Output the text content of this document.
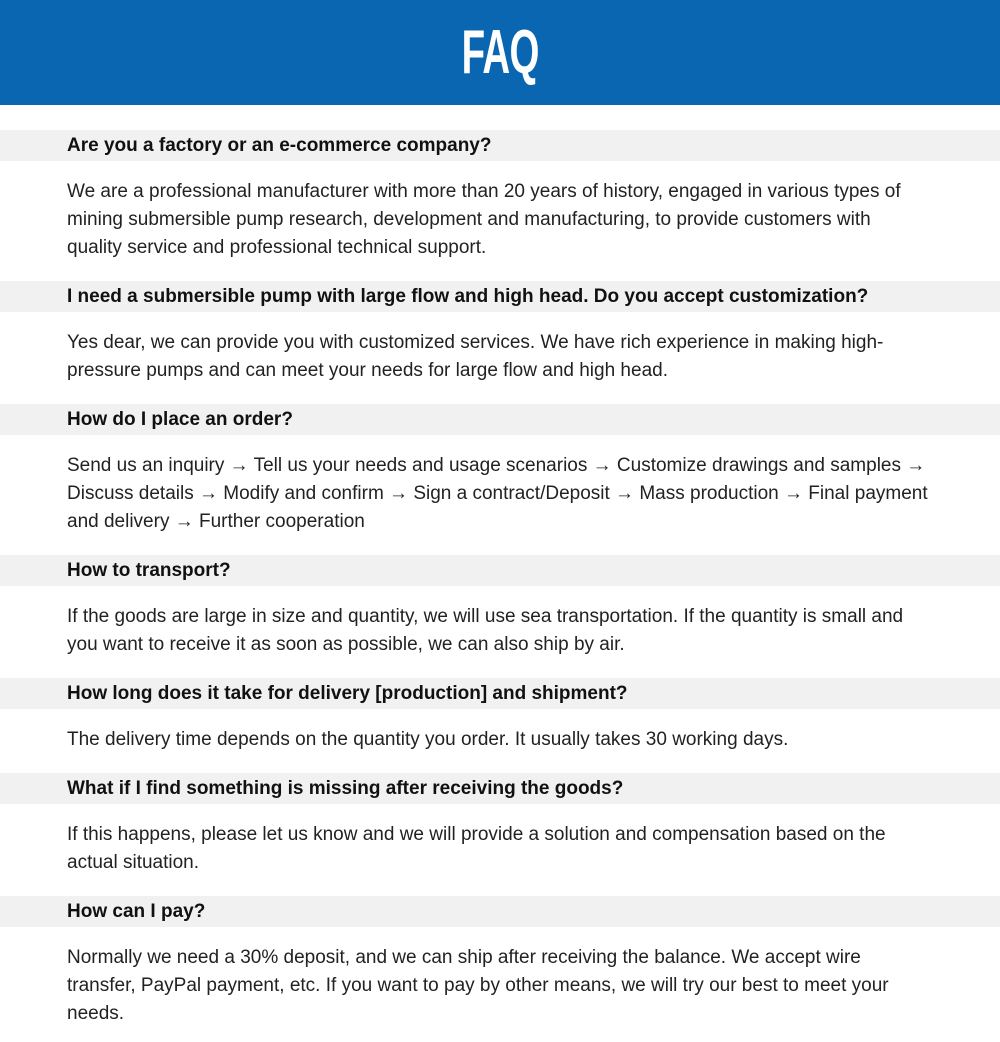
FAQ
Are you a factory or an e-commerce company?

We are a professional manufacturer with more than 20 years of history, engaged in various types of mining submersible pump research, development and manufacturing, to provide customers with quality service and professional technical support.

I need a submersible pump with large flow and high head. Do you accept customization?

Yes dear, we can provide you with customized services. We have rich experience in making high-pressure pumps and can meet your needs for large flow and high head.

How do I place an order?

Send us an inquiry → Tell us your needs and usage scenarios → Customize drawings and samples → Discuss details → Modify and confirm → Sign a contract/Deposit → Mass production → Final payment and delivery → Further cooperation

How to transport?

If the goods are large in size and quantity, we will use sea transportation. If the quantity is small and you want to receive it as soon as possible, we can also ship by air.

How long does it take for delivery [production] and shipment?

The delivery time depends on the quantity you order. It usually takes 30 working days.

What if I find something is missing after receiving the goods?

If this happens, please let us know and we will provide a solution and compensation based on the actual situation.

How can I pay?

Normally we need a 30% deposit, and we can ship after receiving the balance. We accept wire transfer, PayPal payment, etc. If you want to pay by other means, we will try our best to meet your needs.
